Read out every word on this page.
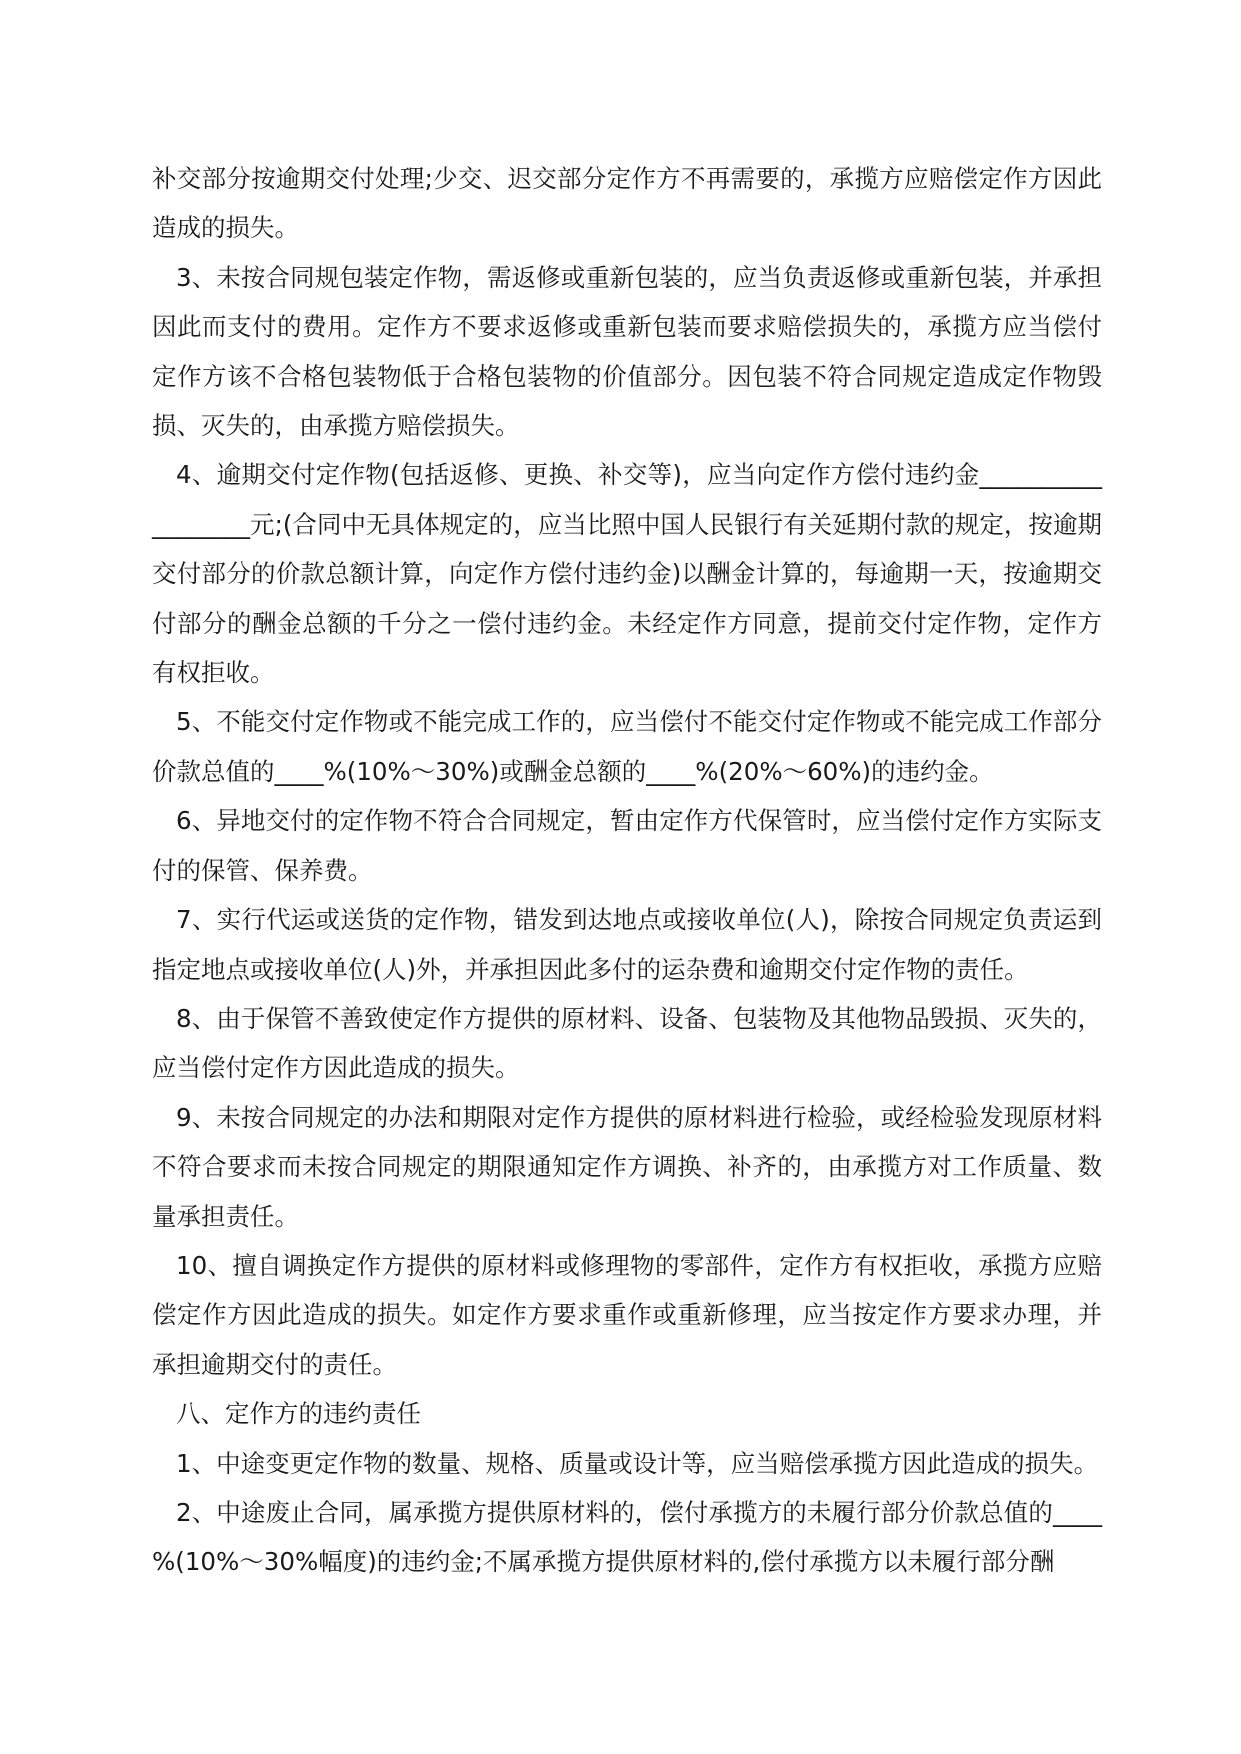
补交部分按逾期交付处理;少交、迟交部分定作方不再需要的，承揽方应赔偿定作方因此造成的损失。

3、未按合同规包装定作物，需返修或重新包装的，应当负责返修或重新包装，并承担因此而支付的费用。定作方不要求返修或重新包装而要求赔偿损失的，承揽方应当偿付定作方该不合格包装物低于合格包装物的价值部分。因包装不符合同规定造成定作物毁损、灭失的，由承揽方赔偿损失。

4、逾期交付定作物(包括返修、更换、补交等)，应当向定作方偿付违约金__________________元;(合同中无具体规定的，应当比照中国人民银行有关延期付款的规定，按逾期交付部分的价款总额计算，向定作方偿付违约金)以酬金计算的，每逾期一天，按逾期交付部分的酬金总额的千分之一偿付违约金。未经定作方同意，提前交付定作物，定作方有权拒收。

5、不能交付定作物或不能完成工作的，应当偿付不能交付定作物或不能完成工作部分价款总值的____%(10%～30%)或酬金总额的____%(20%～60%)的违约金。

6、异地交付的定作物不符合合同规定，暂由定作方代保管时，应当偿付定作方实际支付的保管、保养费。

7、实行代运或送货的定作物，错发到达地点或接收单位(人)，除按合同规定负责运到指定地点或接收单位(人)外，并承担因此多付的运杂费和逾期交付定作物的责任。

8、由于保管不善致使定作方提供的原材料、设备、包装物及其他物品毁损、灭失的，应当偿付定作方因此造成的损失。

9、未按合同规定的办法和期限对定作方提供的原材料进行检验，或经检验发现原材料不符合要求而未按合同规定的期限通知定作方调换、补齐的，由承揽方对工作质量、数量承担责任。

10、擅自调换定作方提供的原材料或修理物的零部件，定作方有权拒收，承揽方应赔偿定作方因此造成的损失。如定作方要求重作或重新修理，应当按定作方要求办理，并承担逾期交付的责任。

八、定作方的违约责任

1、中途变更定作物的数量、规格、质量或设计等，应当赔偿承揽方因此造成的损失。

2、中途废止合同，属承揽方提供原材料的，偿付承揽方的未履行部分价款总值的____%(10%～30%幅度)的违约金;不属承揽方提供原材料的,偿付承揽方以未履行部分酬
